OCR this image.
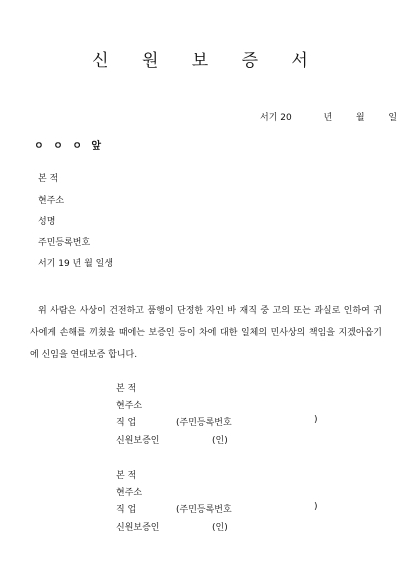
신 원 보 증 서
서기 20	년	월	일
ㅇ ㅇ ㅇ 앞
본 적
현주소
성명
주민등록번호
서기 19 년 월 일생
위 사람은 사상이 건전하고 품행이 단정한 자인 바 재직 중 고의 또는 과실로 인하여 귀사에게 손해를 끼쳤을 때에는 보증인 등이 차에 대한 일체의 민사상의 책임을 지겠아옵기에 신임을 연대보증 합니다.
본 적
현주소
직 업	(주민등록번호	)
신원보증인	(인)
본 적
현주소
직 업	(주민등록번호	)
신원보증인	(인)
